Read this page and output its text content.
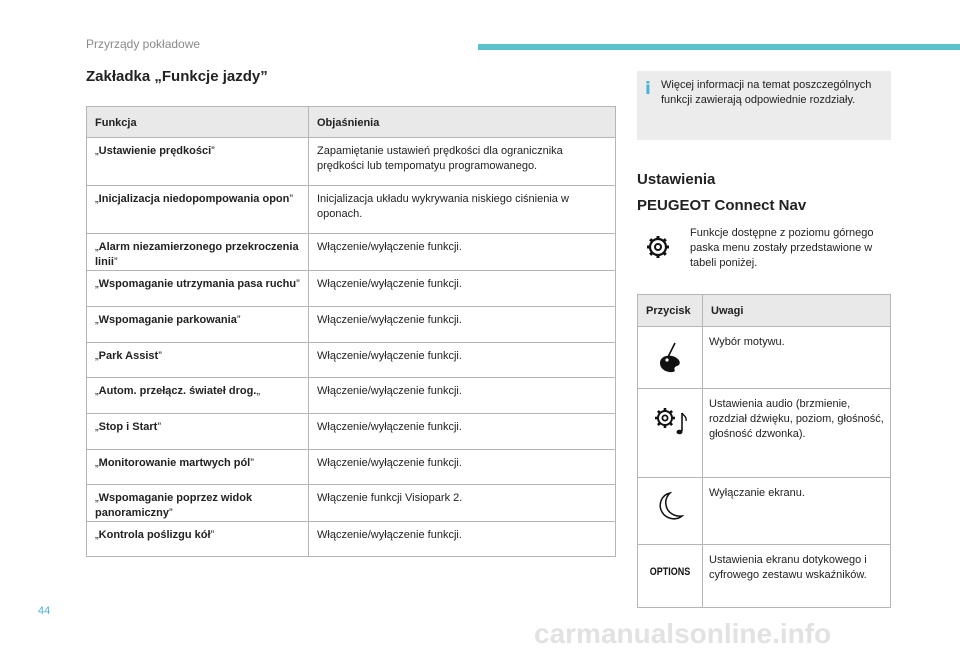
Przyrządy pokładowe
Zakładka „Funkcje jazdy”
Funkcja	Objaśnienia
„Ustawienie prędkości”	Zapamiętanie ustawień prędkości dla ogranicznika prędkości lub tempomatyu programowanego.
„Inicjalizacja niedopompowania opon”	Inicjalizacja układu wykrywania niskiego ciśnienia w oponach.
„Alarm niezamierzonego przekroczenia linii”	Włączenie/wyłączenie funkcji.
„Wspomaganie utrzymania pasa ruchu”	Włączenie/wyłączenie funkcji.
„Wspomaganie parkowania”	Włączenie/wyłączenie funkcji.
„Park Assist”	Włączenie/wyłączenie funkcji.
„Autom. przełącz. świateł drog.„	Włączenie/wyłączenie funkcji.
„Stop i Start”	Włączenie/wyłączenie funkcji.
„Monitorowanie martwych pól”	Włączenie/wyłączenie funkcji.
„Wspomaganie poprzez widok panoramiczny”	Włączenie funkcji Visiopark 2.
„Kontrola poślizgu kół”	Włączenie/wyłączenie funkcji.
i Więcej informacji na temat poszczególnych funkcji zawierają odpowiednie rozdziały.
Ustawienia
PEUGEOT Connect Nav
Funkcje dostępne z poziomu górnego paska menu zostały przedstawione w tabeli poniżej.
Przycisk	Uwagi

	Wybór motywu.

	Ustawienia audio (brzmienie, rozdział dźwięku, poziom, głośność, głośność dzwonka).

	Wyłączanie ekranu.

OPTIONS	Ustawienia ekranu dotykowego i cyfrowego zestawu wskaźników.
44
carmanualsonline.info
